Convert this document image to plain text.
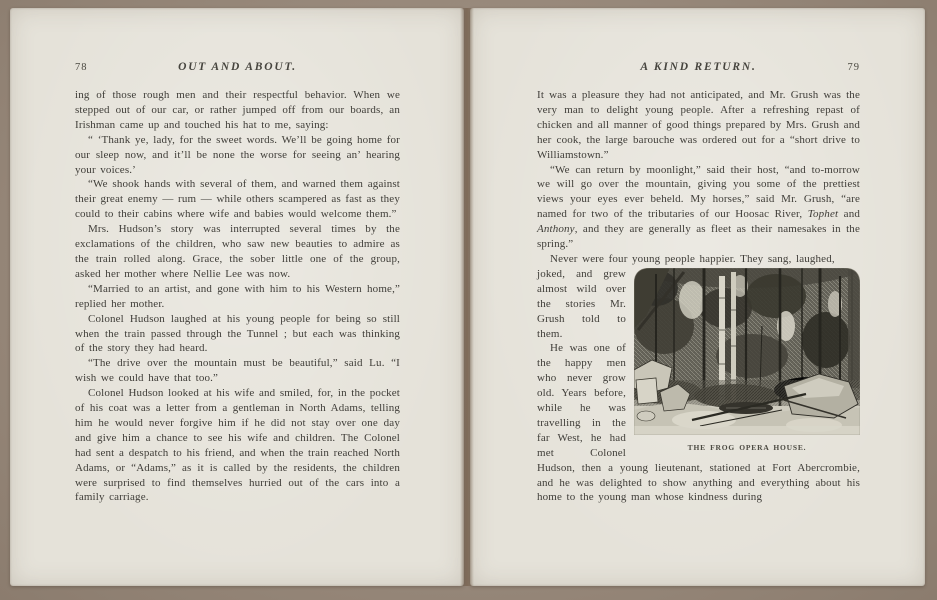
78	OUT AND ABOUT.

ing of those rough men and their respectful behavior. When we stepped out of our car, or rather jumped off from our boards, an Irishman came up and touched his hat to me, saying:

“ ‘Thank ye, lady, for the sweet words. We’ll be going home for our sleep now, and it’ll be none the worse for seeing an’ hearing your voices.’

“We shook hands with several of them, and warned them against their great enemy — rum — while others scampered as fast as they could to their cabins where wife and babies would welcome them.”

Mrs. Hudson’s story was interrupted several times by the exclamations of the children, who saw new beauties to admire as the train rolled along. Grace, the sober little one of the group, asked her mother where Nellie Lee was now.

“Married to an artist, and gone with him to his Western home,” replied her mother.

Colonel Hudson laughed at his young people for being so still when the train passed through the Tunnel ; but each was thinking of the story they had heard.

“The drive over the mountain must be beautiful,” said Lu. “I wish we could have that too.”

Colonel Hudson looked at his wife and smiled, for, in the pocket of his coat was a letter from a gentleman in North Adams, telling him he would never forgive him if he did not stay over one day and give him a chance to see his wife and children. The Colonel had sent a despatch to his friend, and when the train reached North Adams, or “Adams,” as it is called by the residents, the children were surprised to find themselves hurried out of the cars into a family carriage.

A KIND RETURN.	79

It was a pleasure they had not anticipated, and Mr. Grush was the very man to delight young people. After a refreshing repast of chicken and all manner of good things prepared by Mrs. Grush and her cook, the large barouche was ordered out for a “short drive to Williamstown.”

“We can return by moonlight,” said their host, “and to-morrow we will go over the mountain, giving you some of the prettiest views your eyes ever beheld. My horses,” said Mr. Grush, “are named for two of the tributaries of our Hoosac River, Tophet and Anthony, and they are generally as fleet as their namesakes in the spring.”

Never were four young people happier. They sang, laughed,

THE FROG OPERA HOUSE.

joked, and grew almost wild over the stories Mr. Grush told to them.

He was one of the happy men who never grow old. Years before, while he was travelling in the far West, he had met Colonel Hudson, then a young lieutenant, stationed at Fort Abercrombie, and he was delighted to show anything and everything about his home to the young man whose kindness during
